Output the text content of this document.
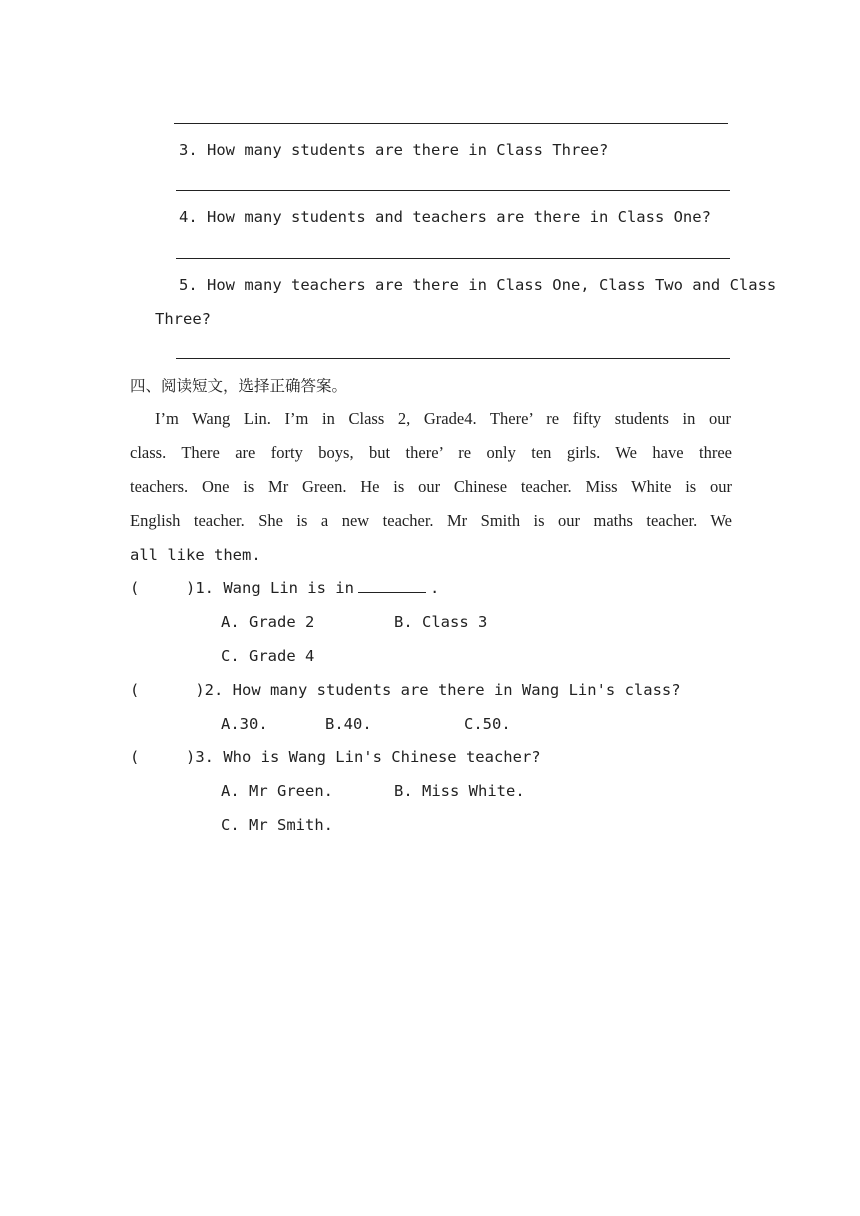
3. How many students are there in Class Three?
4. How many students and teachers are there in Class One?
5. How many teachers are there in Class One, Class Two and Class
Three?
四、阅读短文，选择正确答案。
I’m Wang Lin. I’m in Class 2, Grade4. There’ re fifty students in our
class. There are forty boys, but there’ re only ten girls. We have three
teachers. One is Mr Green. He is our Chinese teacher. Miss White is our
English teacher. She is a new teacher. Mr Smith is our maths teacher. We
all like them.
(     )1. Wang Lin is in	.
A. Grade 2	B. Class 3
C. Grade 4
(      )2. How many students are there in Wang Lin's class?
A.30.	B.40.	C.50.
(     )3. Who is Wang Lin's Chinese teacher?
A. Mr Green.	B. Miss White.
C. Mr Smith.
